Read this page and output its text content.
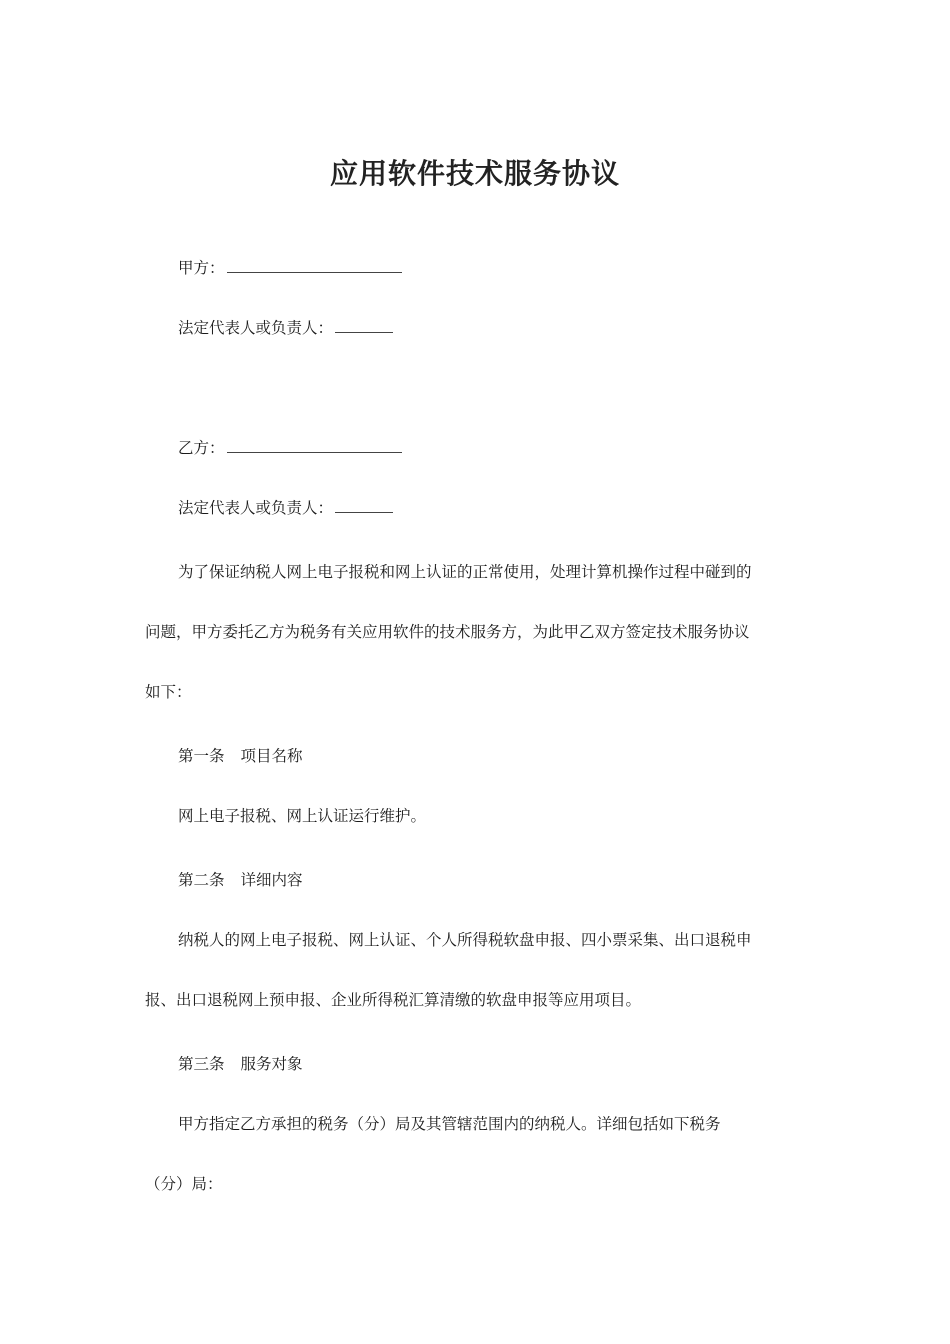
应用软件技术服务协议
甲方：
法定代表人或负责人：
乙方：
法定代表人或负责人：
为了保证纳税人网上电子报税和网上认证的正常使用，处理计算机操作过程中碰到的
问题，甲方委托乙方为税务有关应用软件的技术服务方，为此甲乙双方签定技术服务协议
如下：
第一条 项目名称
网上电子报税、网上认证运行维护。
第二条 详细内容
纳税人的网上电子报税、网上认证、个人所得税软盘申报、四小票采集、出口退税申
报、出口退税网上预申报、企业所得税汇算清缴的软盘申报等应用项目。
第三条 服务对象
甲方指定乙方承担的税务（分）局及其管辖范围内的纳税人。详细包括如下税务
（分）局：
